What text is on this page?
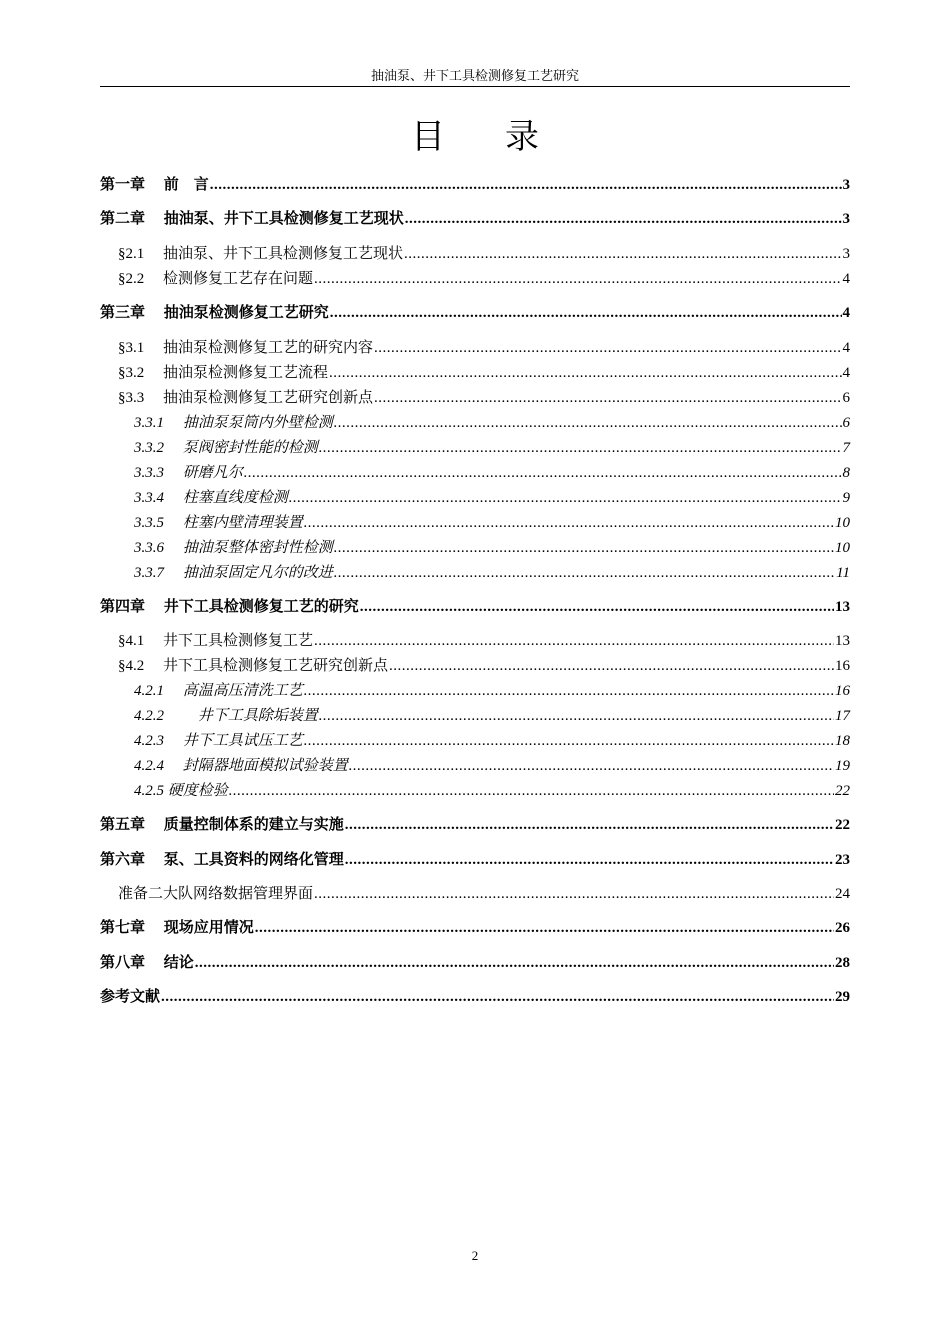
抽油泵、井下工具检测修复工艺研究
目 录
第一章　 前　言 .....	3
第二章　 抽油泵、井下工具检测修复工艺现状 .....	3
§2.1　 抽油泵、井下工具检测修复工艺现状 .....	3
§2.2　 检测修复工艺存在问题 .....	4
第三章　 抽油泵检测修复工艺研究 .....	4
§3.1　 抽油泵检测修复工艺的研究内容 .....	4
§3.2　 抽油泵检测修复工艺流程 .....	4
§3.3　 抽油泵检测修复工艺研究创新点 .....	6
3.3.1　 抽油泵泵筒内外壁检测 .....	6
3.3.2　 泵阀密封性能的检测 .....	7
3.3.3　 研磨凡尔 .....	8
3.3.4　 柱塞直线度检测 .....	9
3.3.5　 柱塞内壁清理装置 .....	10
3.3.6　 抽油泵整体密封性检测 .....	10
3.3.7　 抽油泵固定凡尔的改进 .....	11
第四章　 井下工具检测修复工艺的研究 .....	13
§4.1　 井下工具检测修复工艺 .....	13
§4.2　 井下工具检测修复工艺研究创新点 .....	16
4.2.1　 高温高压清洗工艺 .....	16
4.2.2　 　井下工具除垢装置 .....	17
4.2.3　 井下工具试压工艺 .....	18
4.2.4　 封隔器地面模拟试验装置 .....	19
4.2.5 硬度检验 .....	22
第五章　 质量控制体系的建立与实施 .....	22
第六章　 泵、工具资料的网络化管理 .....	23
准备二大队网络数据管理界面 .....	24
第七章　 现场应用情况 .....	26
第八章　 结论 .....	28
参考文献 .....	29
2
